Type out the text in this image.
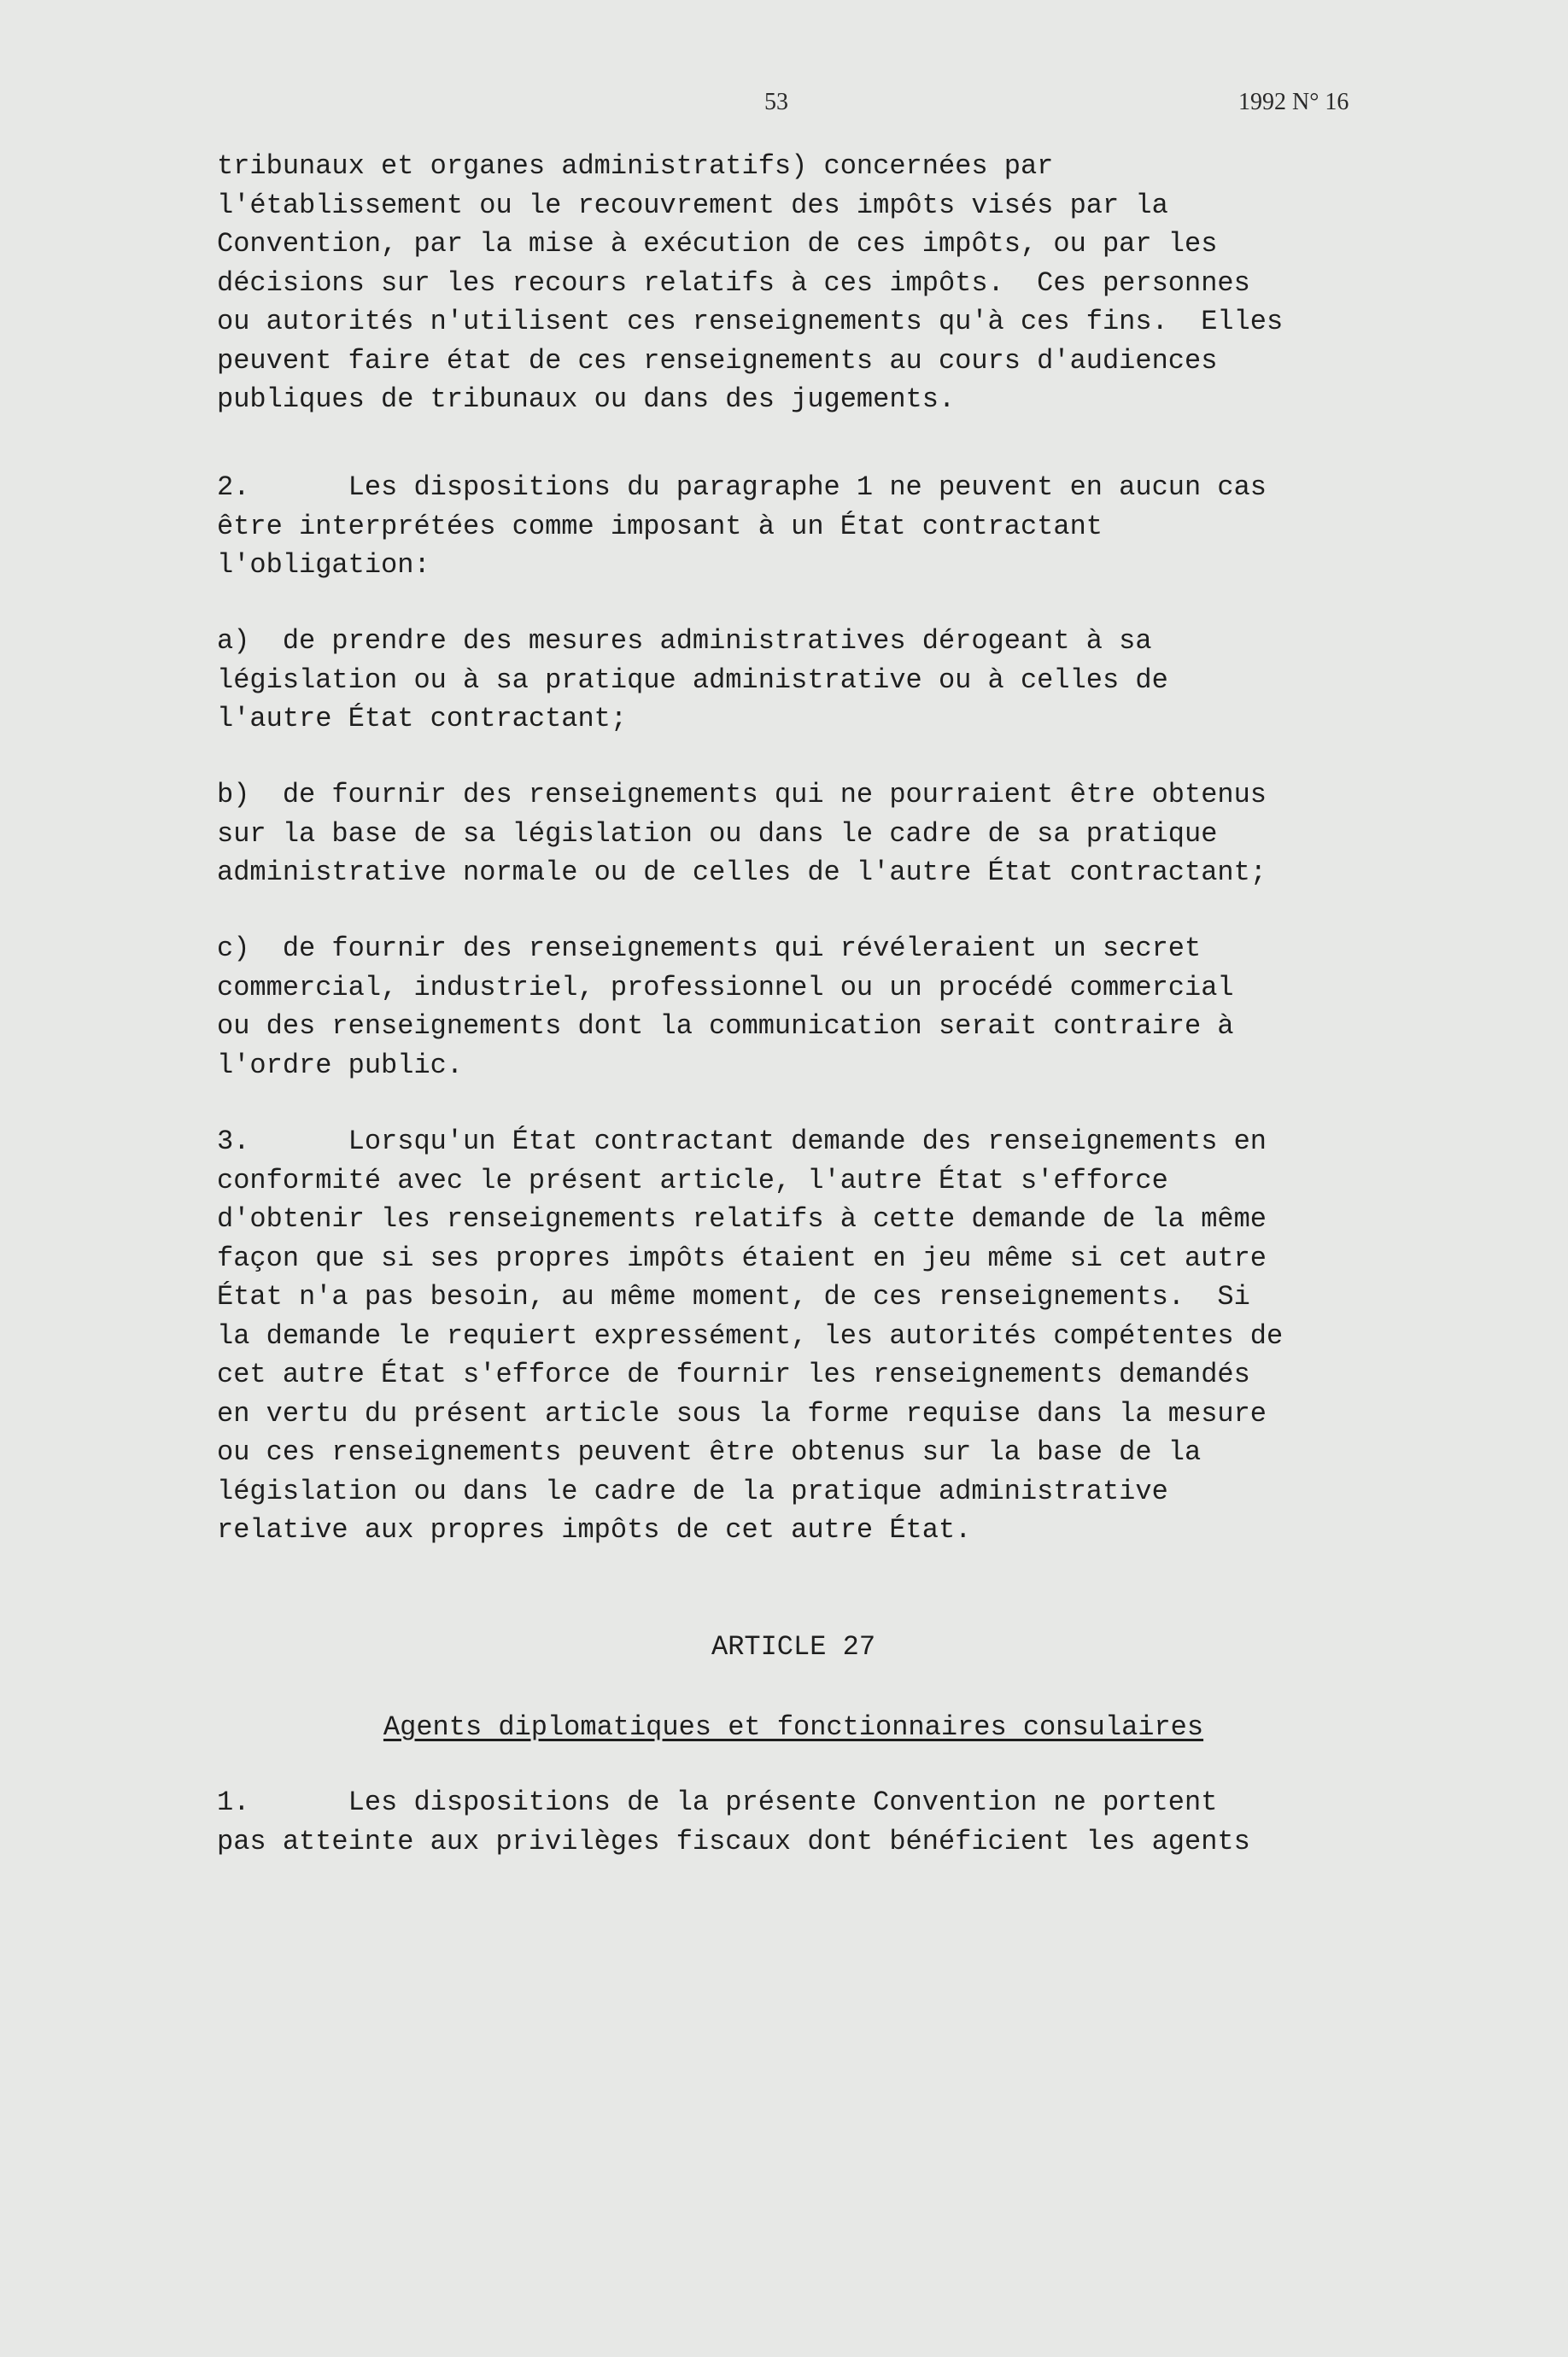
53	1992 N° 16

tribunaux et organes administratifs) concernées par
l'établissement ou le recouvrement des impôts visés par la
Convention, par la mise à exécution de ces impôts, ou par les
décisions sur les recours relatifs à ces impôts.  Ces personnes
ou autorités n'utilisent ces renseignements qu'à ces fins.  Elles
peuvent faire état de ces renseignements au cours d'audiences
publiques de tribunaux ou dans des jugements.

2.      Les dispositions du paragraphe 1 ne peuvent en aucun cas
être interprétées comme imposant à un État contractant
l'obligation:

a)  de prendre des mesures administratives dérogeant à sa
législation ou à sa pratique administrative ou à celles de
l'autre État contractant;

b)  de fournir des renseignements qui ne pourraient être obtenus
sur la base de sa législation ou dans le cadre de sa pratique
administrative normale ou de celles de l'autre État contractant;

c)  de fournir des renseignements qui révéleraient un secret
commercial, industriel, professionnel ou un procédé commercial
ou des renseignements dont la communication serait contraire à
l'ordre public.

3.      Lorsqu'un État contractant demande des renseignements en
conformité avec le présent article, l'autre État s'efforce
d'obtenir les renseignements relatifs à cette demande de la même
façon que si ses propres impôts étaient en jeu même si cet autre
État n'a pas besoin, au même moment, de ces renseignements.  Si
la demande le requiert expressément, les autorités compétentes de
cet autre État s'efforce de fournir les renseignements demandés
en vertu du présent article sous la forme requise dans la mesure
ou ces renseignements peuvent être obtenus sur la base de la
législation ou dans le cadre de la pratique administrative
relative aux propres impôts de cet autre État.

ARTICLE 27
Agents diplomatiques et fonctionnaires consulaires

1.      Les dispositions de la présente Convention ne portent
pas atteinte aux privilèges fiscaux dont bénéficient les agents
